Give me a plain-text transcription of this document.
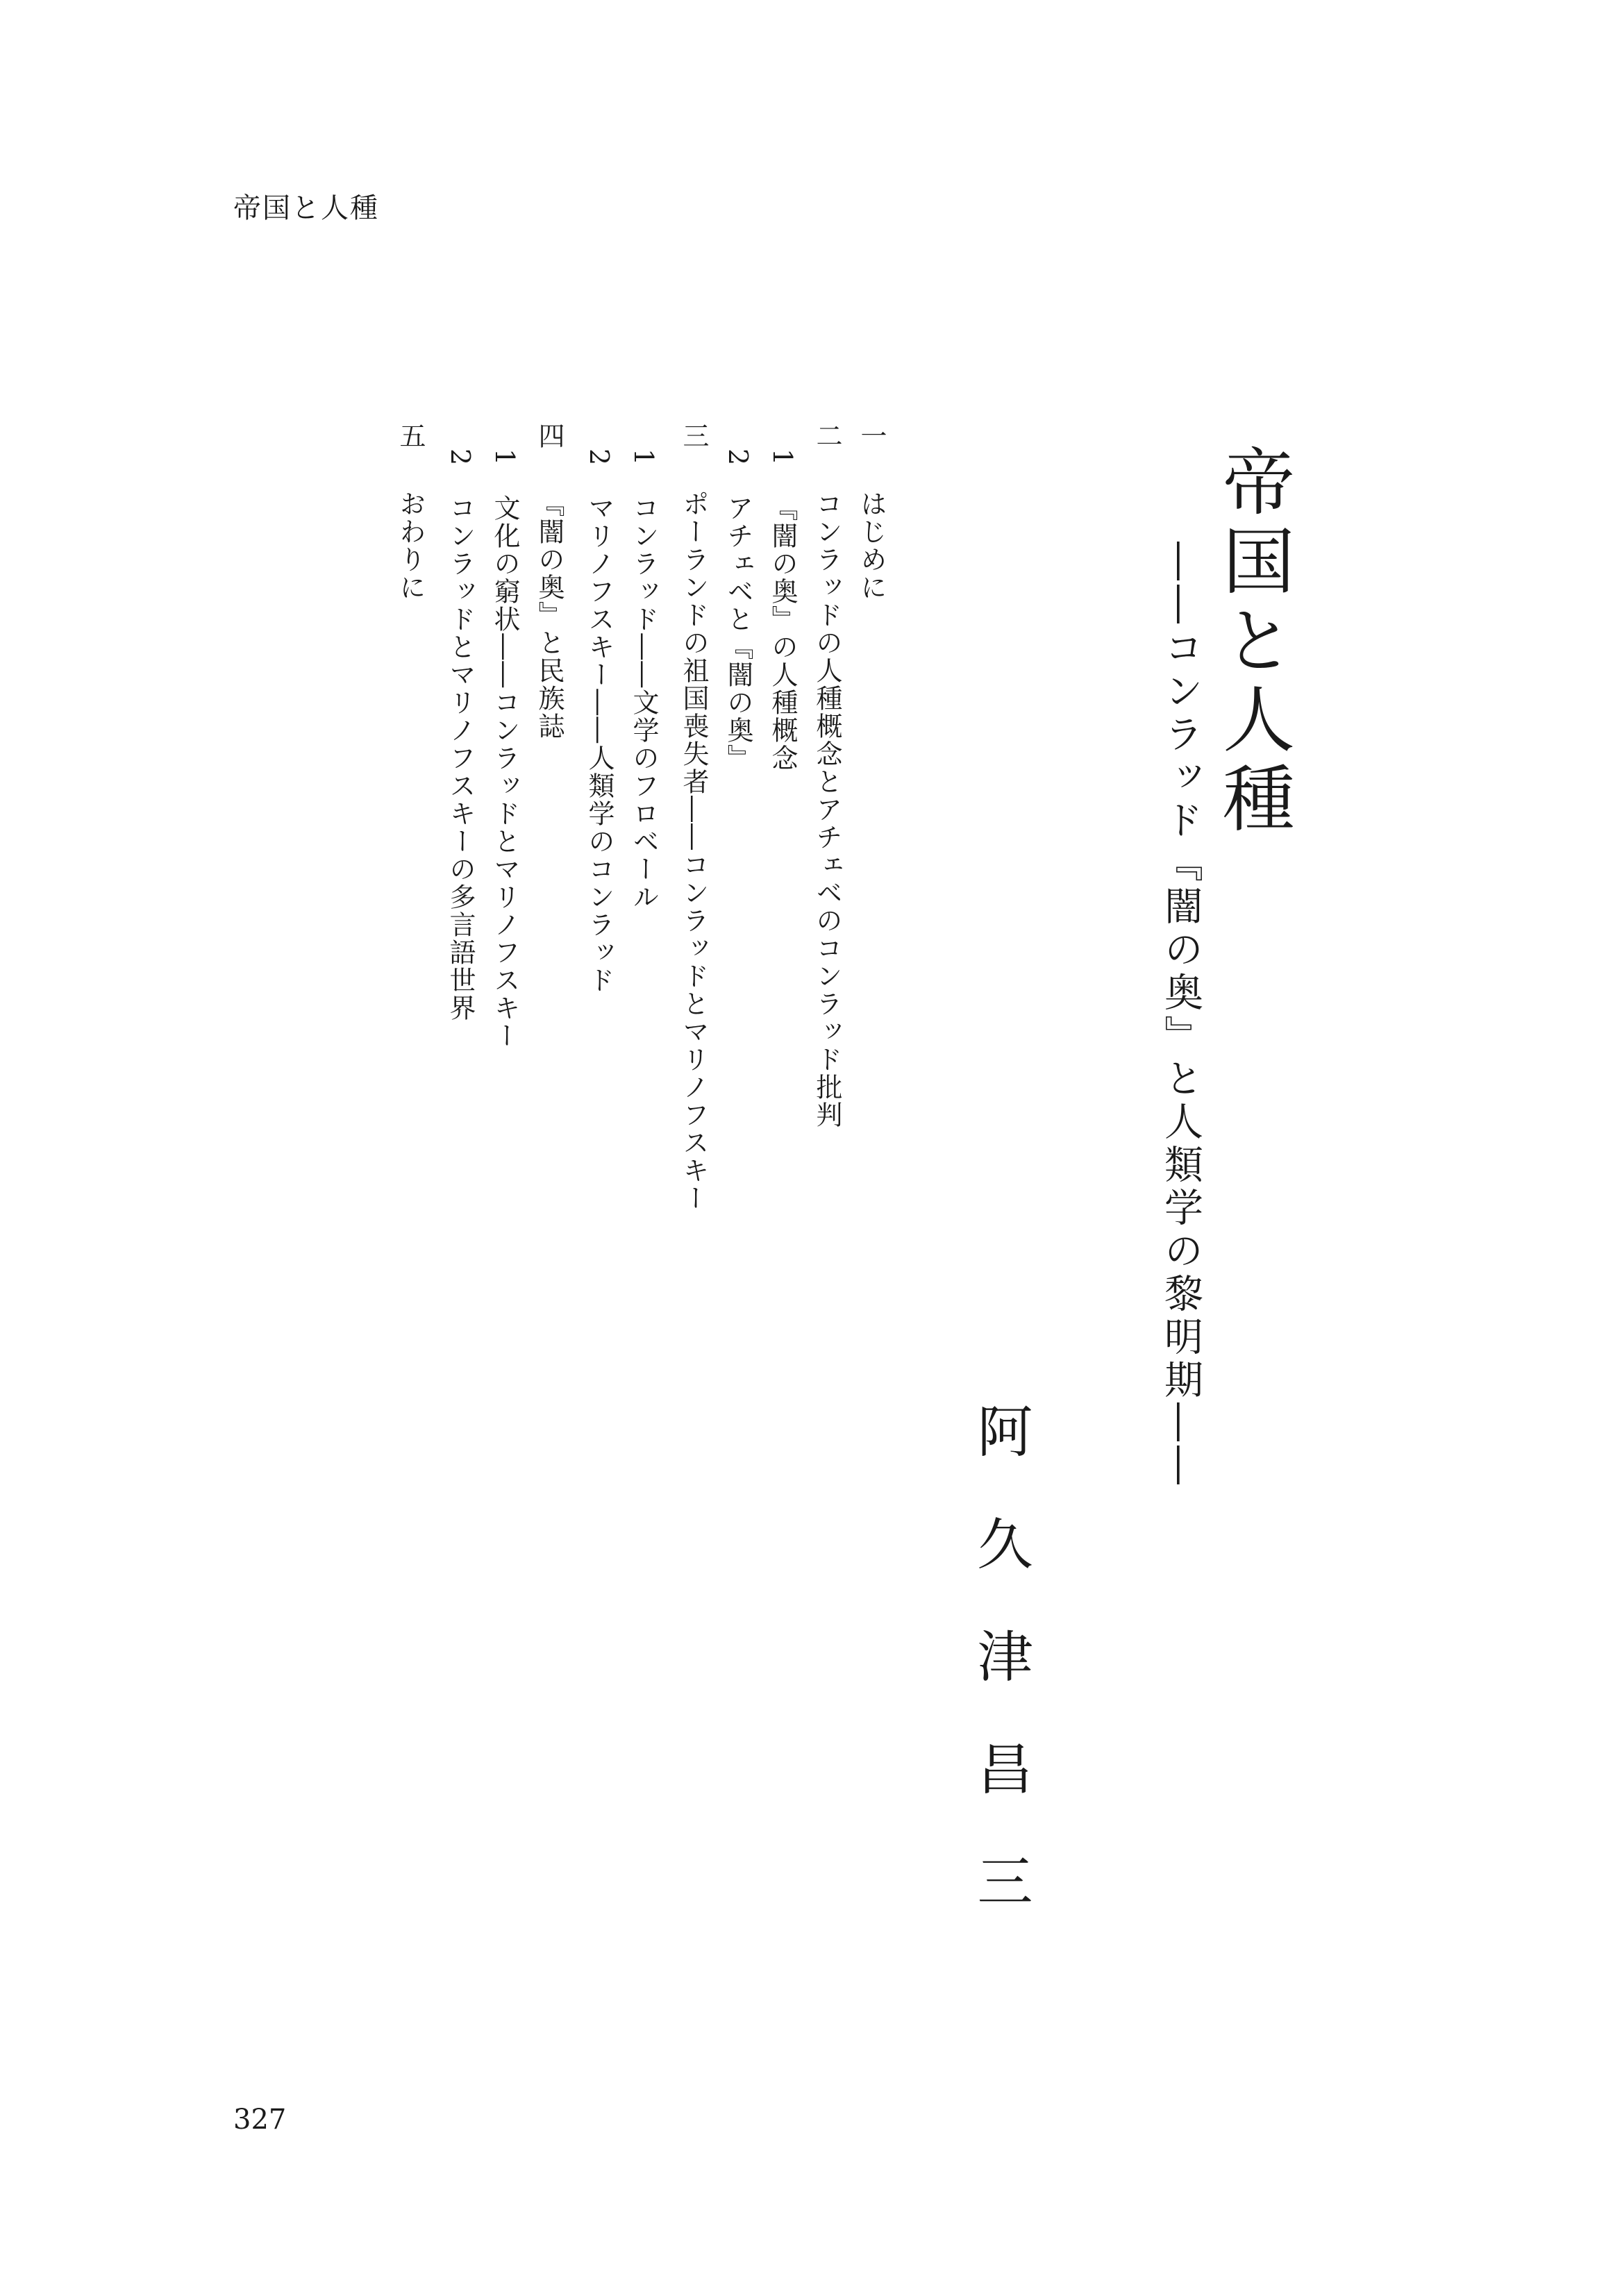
帝国と人種
帝国と人種
――コンラッド『闇の奥』と人類学の黎明期――
阿久津昌三
一はじめに
二コンラッドの人種概念とアチェベのコンラッド批判
1『闇の奥』の人種概念
2アチェベと『闇の奥』
三ポーランドの祖国喪失者――コンラッドとマリノフスキー
1コンラッド――文学のフロベール
2マリノフスキー――人類学のコンラッド
四『闇の奥』と民族誌
1文化の窮状――コンラッドとマリノフスキー
2コンラッドとマリノフスキーの多言語世界
五おわりに
327
